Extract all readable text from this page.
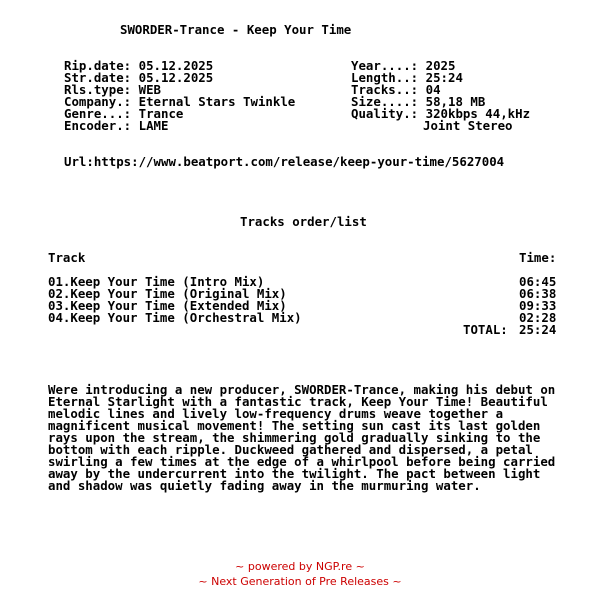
SWORDER-Trance - Keep Your Time
Rip.date: 05.12.2025
Str.date: 05.12.2025
Rls.type: WEB
Company.: Eternal Stars Twinkle
Genre...: Trance
Encoder.: LAME
Year....: 2025
Length..: 25:24
Tracks..: 04
Size....: 58,18 MB
Quality.: 320kbps 44,kHz
Joint Stereo
Url:https://www.beatport.com/release/keep-your-time/5627004
Tracks order/list
Track	Time:
01.Keep Your Time (Intro Mix)	06:45
02.Keep Your Time (Original Mix)	06:38
03.Keep Your Time (Extended Mix)	09:33
04.Keep Your Time (Orchestral Mix)	02:28
TOTAL: 25:24
Were introducing a new producer, SWORDER-Trance, making his debut on
Eternal Starlight with a fantastic track, Keep Your Time! Beautiful
melodic lines and lively low-frequency drums weave together a
magnificent musical movement! The setting sun cast its last golden
rays upon the stream, the shimmering gold gradually sinking to the
bottom with each ripple. Duckweed gathered and dispersed, a petal
swirling a few times at the edge of a whirlpool before being carried
away by the undercurrent into the twilight. The pact between light
and shadow was quietly fading away in the murmuring water.
~ powered by NGP.re ~
~ Next Generation of Pre Releases ~
